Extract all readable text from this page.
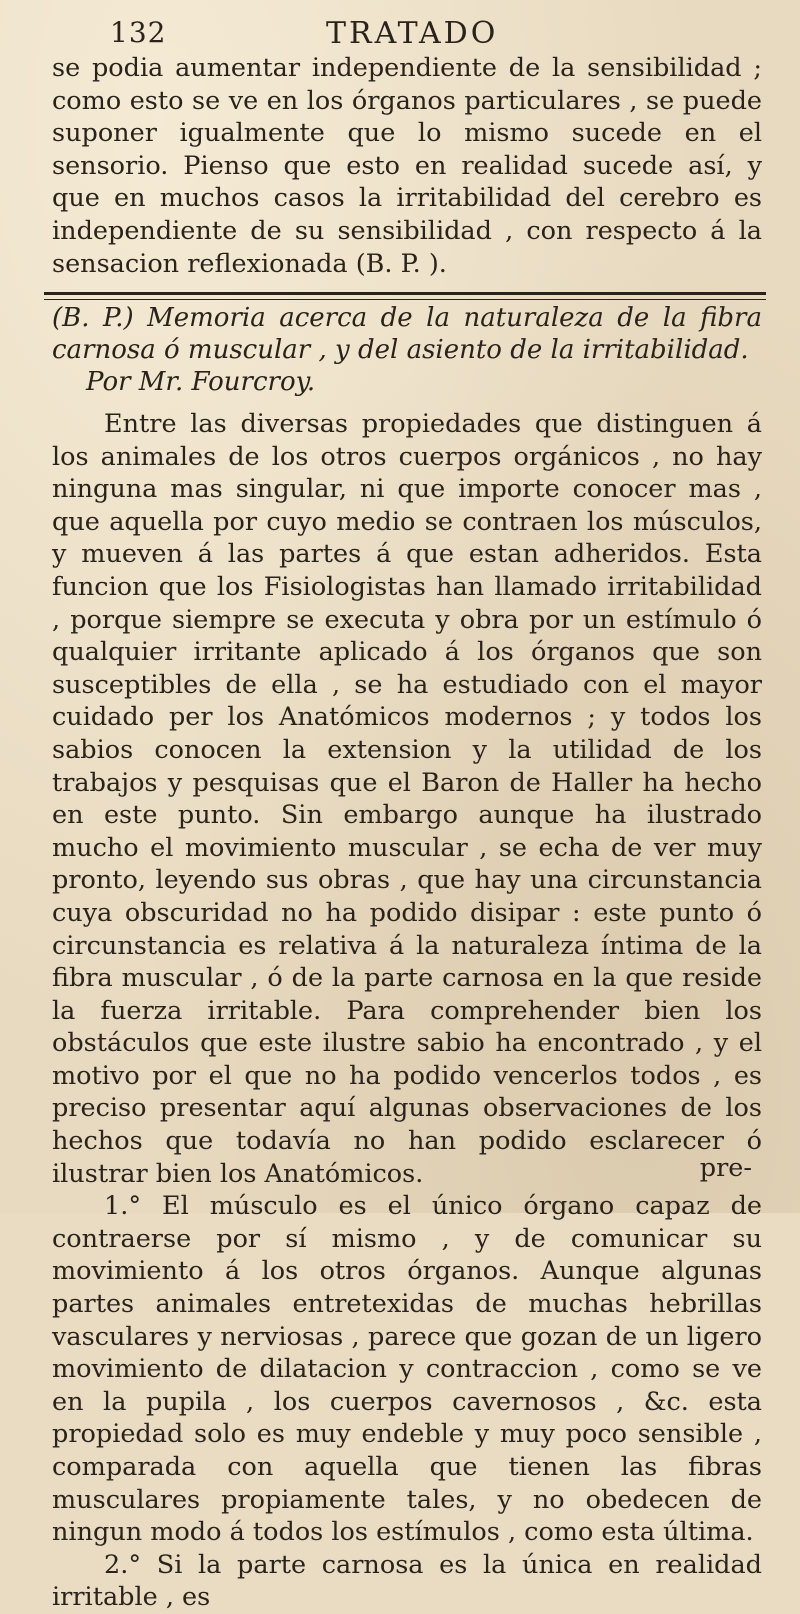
132	TRATADO

se podia aumentar independiente de la sensibilidad ; como esto se ve en los órganos particulares , se puede suponer igualmente que lo mismo sucede en el sensorio. Pienso que esto en realidad sucede así, y que en muchos casos la irritabilidad del cerebro es independiente de su sensibilidad , con respecto á la sensacion reflexionada (B. P. ).

(B. P.) Memoria acerca de la naturaleza de la fibra carnosa ó muscular , y del asiento de la irritabilidad.
Por Mr. Fourcroy.

Entre las diversas propiedades que distinguen á los animales de los otros cuerpos orgánicos , no hay ninguna mas singular, ni que importe conocer mas , que aquella por cuyo medio se contraen los músculos, y mueven á las partes á que estan adheridos. Esta funcion que los Fisiologistas han llamado irritabilidad , porque siempre se executa y obra por un estímulo ó qualquier irritante aplicado á los órganos que son susceptibles de ella , se ha estudiado con el mayor cuidado per los Anatómicos modernos ; y todos los sabios conocen la extension y la utilidad de los trabajos y pesquisas que el Baron de Haller ha hecho en este punto. Sin embargo aunque ha ilustrado mucho el movimiento muscular , se echa de ver muy pronto, leyendo sus obras , que hay una circunstancia cuya obscuridad no ha podido disipar : este punto ó circunstancia es relativa á la naturaleza íntima de la fibra muscular , ó de la parte carnosa en la que reside la fuerza irritable. Para comprehender bien los obstáculos que este ilustre sabio ha encontrado , y el motivo por el que no ha podido vencerlos todos , es preciso presentar aquí algunas observaciones de los hechos que todavía no han podido esclarecer ó ilustrar bien los Anatómicos.

1.° El músculo es el único órgano capaz de contraerse por sí mismo , y de comunicar su movimiento á los otros órganos. Aunque algunas partes animales entretexidas de muchas hebrillas vasculares y nerviosas , parece que gozan de un ligero movimiento de dilatacion y contraccion , como se ve en la pupila , los cuerpos cavernosos , &c. esta propiedad solo es muy endeble y muy poco sensible , comparada con aquella que tienen las fibras musculares propiamente tales, y no obedecen de ningun modo á todos los estímulos , como esta última.

2.° Si la parte carnosa es la única en realidad irritable , es

pre-
